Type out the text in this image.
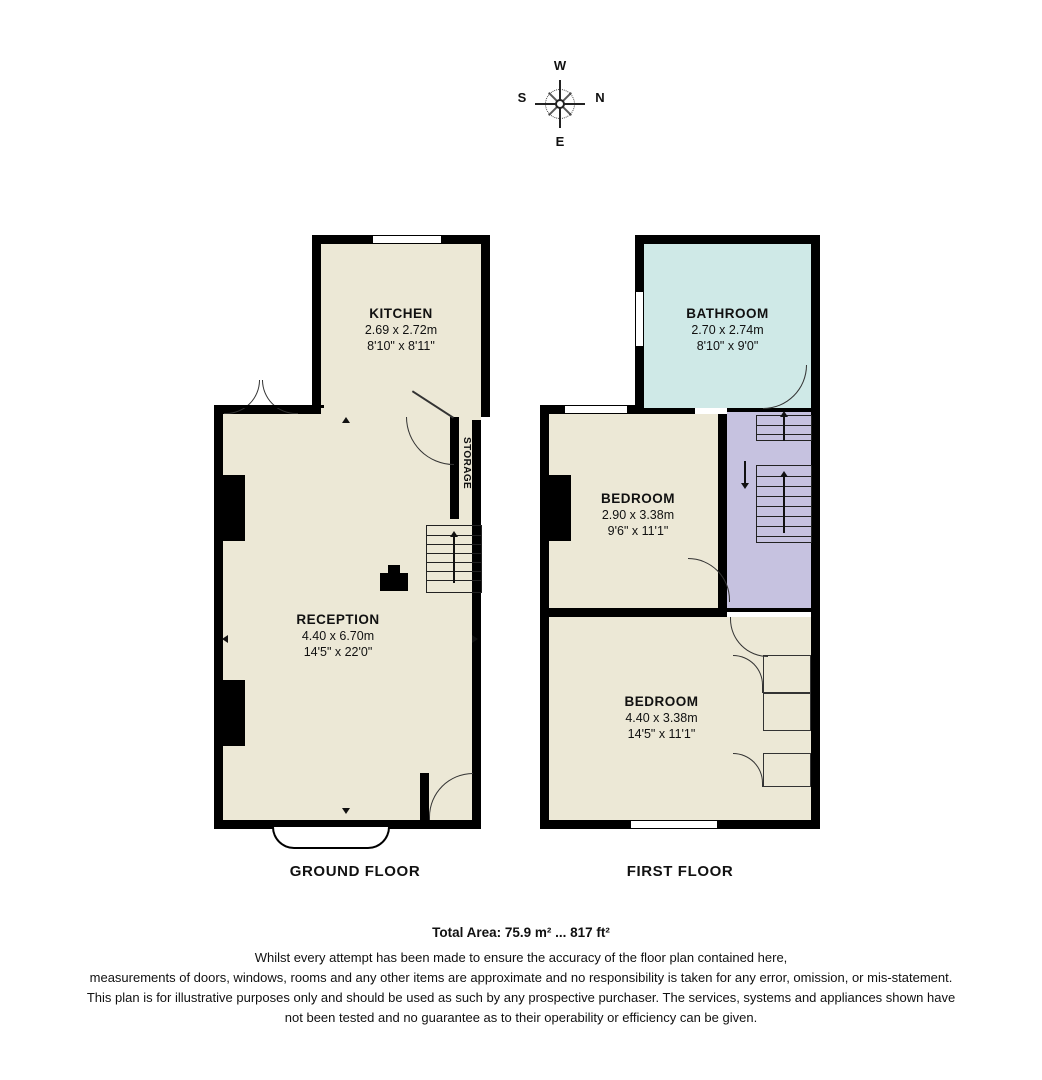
W
S	N
E
STORAGE
KITCHEN
2.69 x 2.72m
8'10" x 8'11"
RECEPTION
4.40 x 6.70m
14'5" x 22'0"
GROUND FLOOR
BATHROOM
2.70 x 2.74m
8'10" x 9'0"
BEDROOM
2.90 x 3.38m
9'6" x 11'1"
BEDROOM
4.40 x 3.38m
14'5" x 11'1"
FIRST FLOOR
Total Area: 75.9 m² ... 817 ft²
Whilst every attempt has been made to ensure the accuracy of the floor plan contained here,
measurements of doors, windows, rooms and any other items are approximate and no responsibility is taken for any error, omission, or mis-statement.
This plan is for illustrative purposes only and should be used as such by any prospective purchaser. The services, systems and appliances shown have
not been tested and no guarantee as to their operability or efficiency can be given.
